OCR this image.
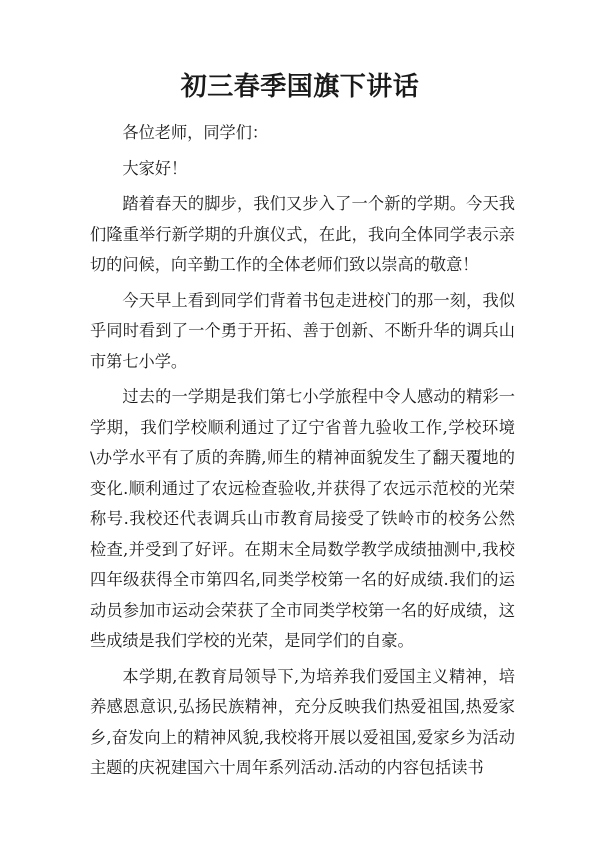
初三春季国旗下讲话

各位老师，同学们：

大家好！

踏着春天的脚步，我们又步入了一个新的学期。今天我们隆重举行新学期的升旗仪式，在此，我向全体同学表示亲切的问候，向辛勤工作的全体老师们致以崇高的敬意！

今天早上看到同学们背着书包走进校门的那一刻，我似乎同时看到了一个勇于开拓、善于创新、不断升华的调兵山市第七小学。

过去的一学期是我们第七小学旅程中令人感动的精彩一学期，我们学校顺利通过了辽宁省普九验收工作,学校环境\办学水平有了质的奔腾,师生的精神面貌发生了翻天覆地的变化.顺利通过了农远检查验收,并获得了农远示范校的光荣称号.我校还代表调兵山市教育局接受了铁岭市的校务公然检查,并受到了好评。在期末全局数学教学成绩抽测中,我校四年级获得全市第四名,同类学校第一名的好成绩.我们的运动员参加市运动会荣获了全市同类学校第一名的好成绩，这些成绩是我们学校的光荣，是同学们的自豪。

本学期,在教育局领导下,为培养我们爱国主义精神，培养感恩意识,弘扬民族精神，充分反映我们热爱祖国,热爱家乡,奋发向上的精神风貌,我校将开展以爱祖国,爱家乡为活动主题的庆祝建国六十周年系列活动.活动的内容包括读书
